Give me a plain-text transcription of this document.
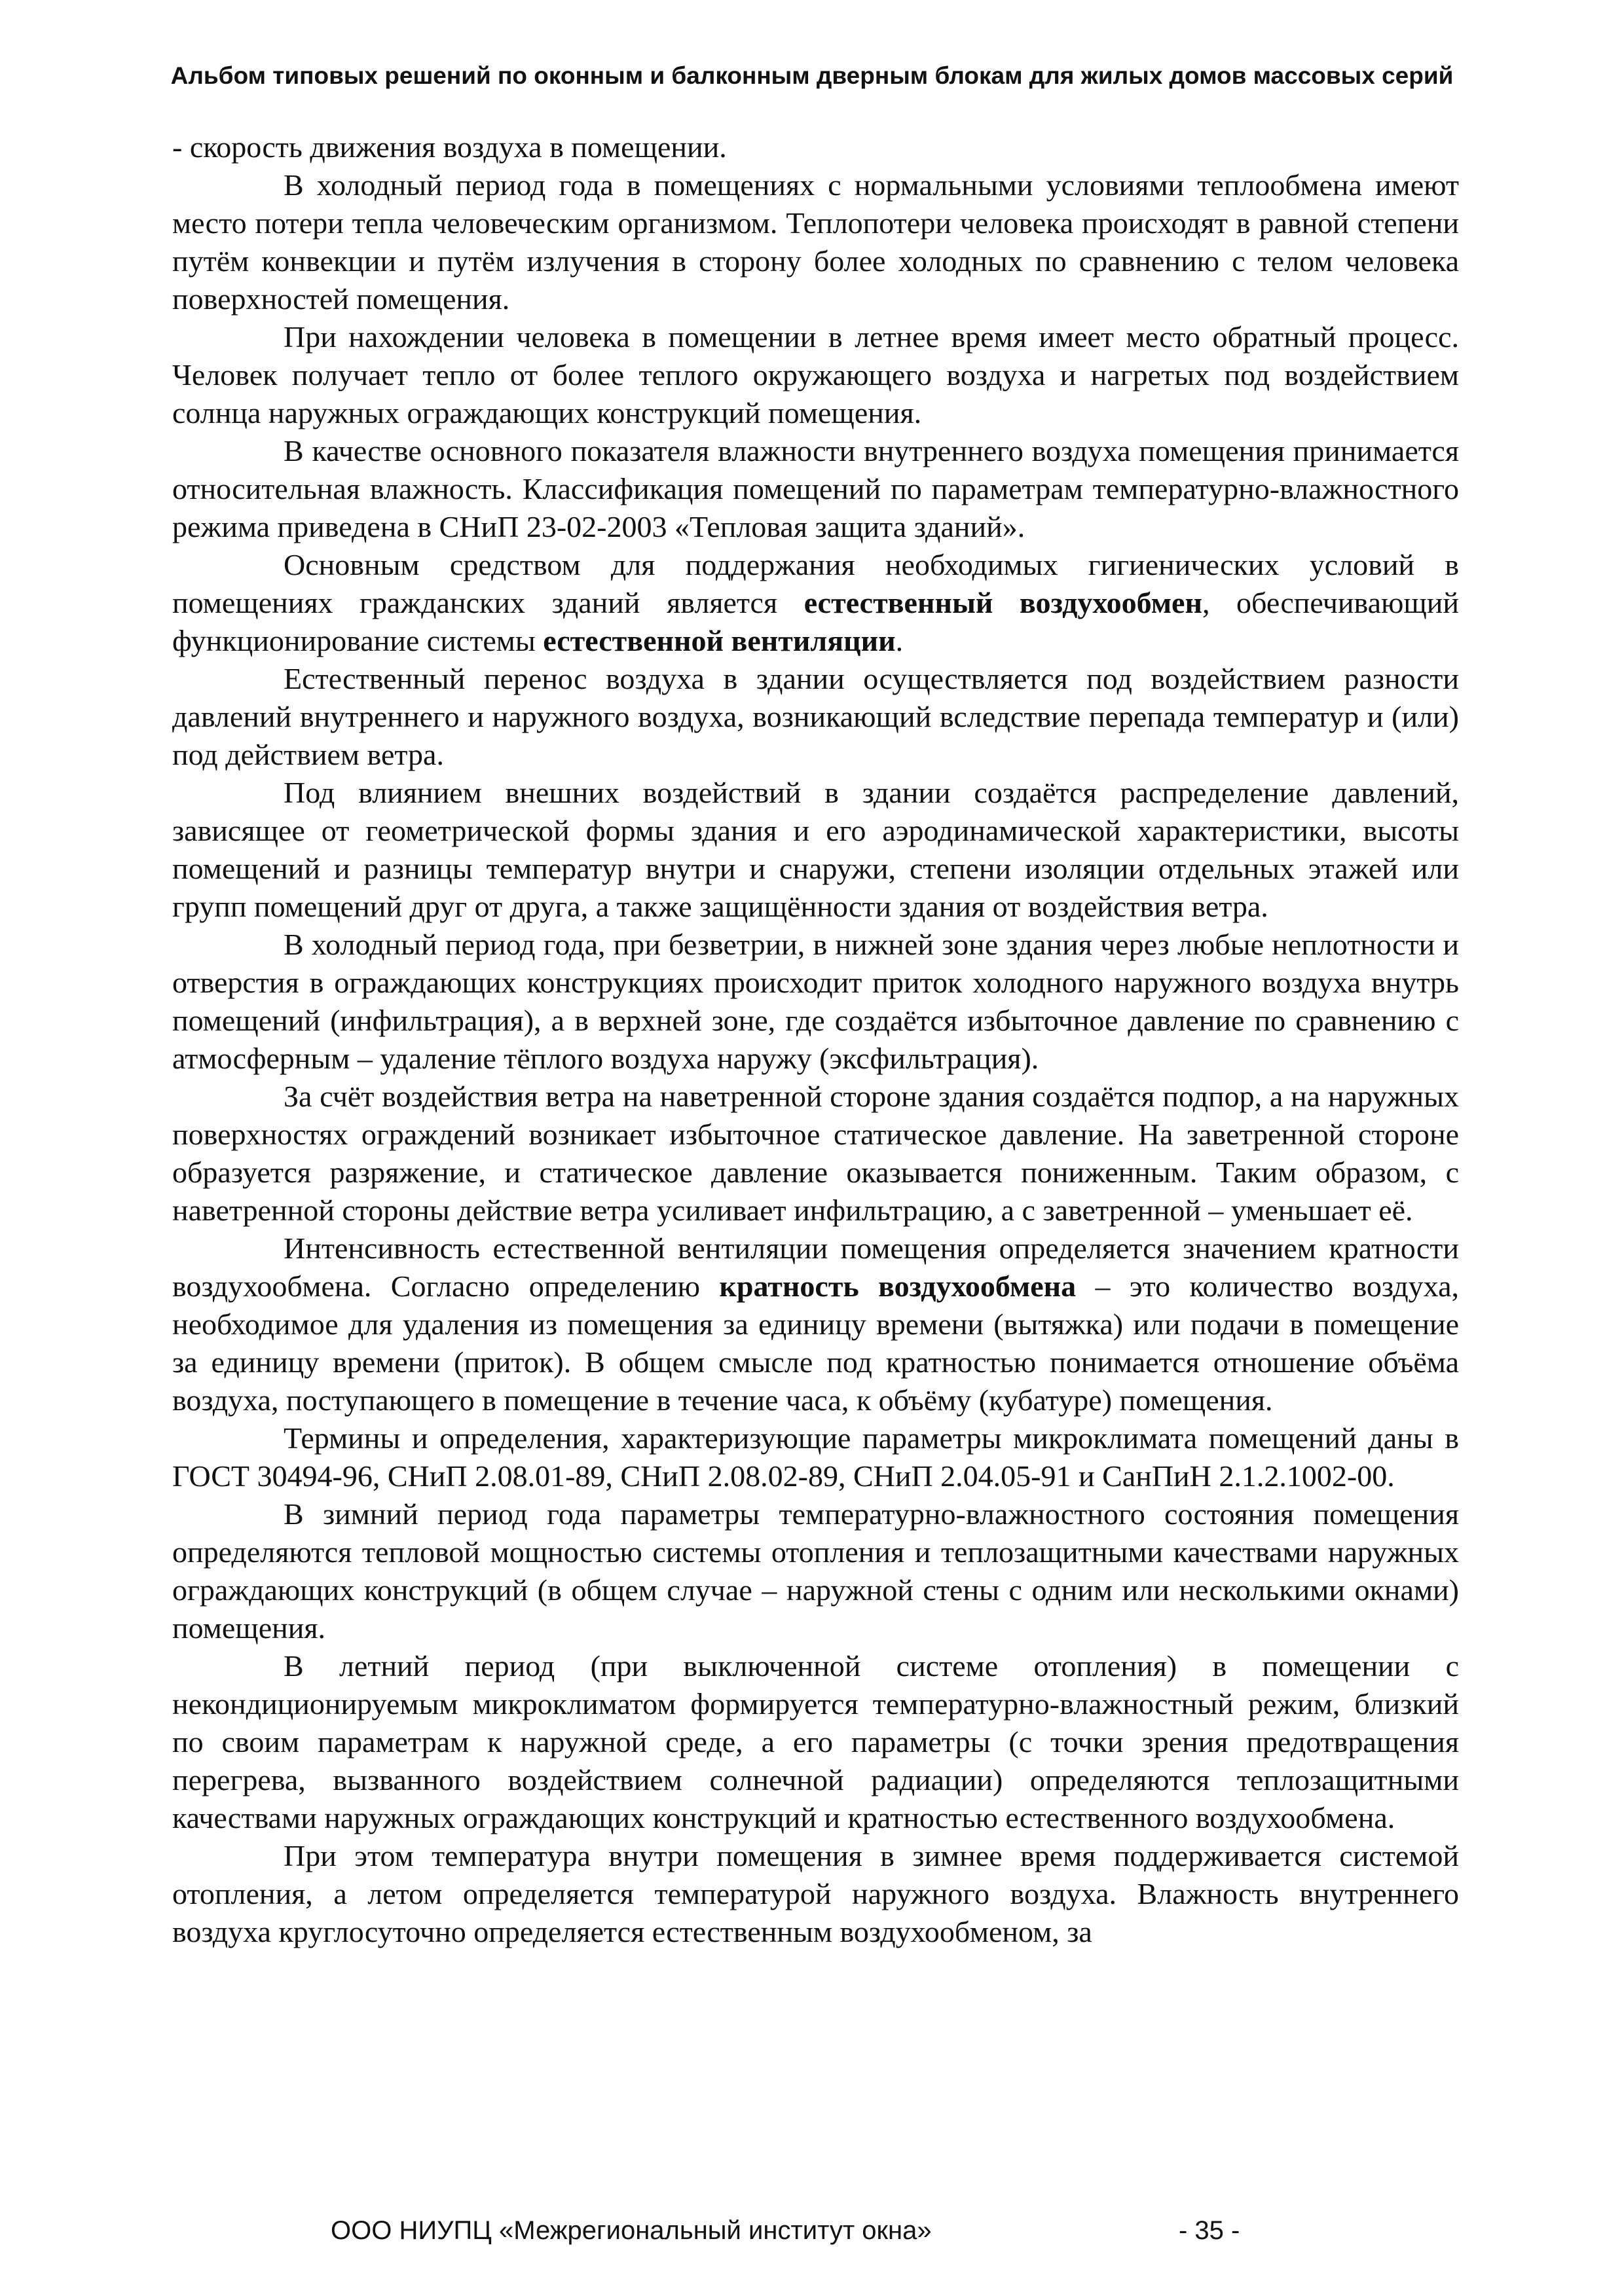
Альбом типовых решений по оконным и балконным дверным блокам для жилых домов массовых серий

- скорость движения воздуха в помещении.

В холодный период года в помещениях с нормальными условиями теплообмена имеют место потери тепла человеческим организмом. Теплопотери человека происходят в равной степени путём конвекции и путём излучения в сторону более холодных по сравнению с телом человека поверхностей помещения.

При нахождении человека в помещении в летнее время имеет место обратный процесс. Человек получает тепло от более теплого окружающего воздуха и нагретых под воздействием солнца наружных ограждающих конструкций помещения.

В качестве основного показателя влажности внутреннего воздуха помещения принимается относительная влажность. Классификация помещений по параметрам температурно-влажностного режима приведена в СНиП 23-02-2003 «Тепловая защита зданий».

Основным средством для поддержания необходимых гигиенических условий в помещениях гражданских зданий является естественный воздухообмен, обеспечивающий функционирование системы естественной вентиляции.

Естественный перенос воздуха в здании осуществляется под воздействием разности давлений внутреннего и наружного воздуха, возникающий вследствие перепада температур и (или) под действием ветра.

Под влиянием внешних воздействий в здании создаётся распределение давлений, зависящее от геометрической формы здания и его аэродинамической характеристики, высоты помещений и разницы температур внутри и снаружи, степени изоляции отдельных этажей или групп помещений друг от друга, а также защищённости здания от воздействия ветра.

В холодный период года, при безветрии, в нижней зоне здания через любые неплотности и отверстия в ограждающих конструкциях происходит приток холодного наружного воздуха внутрь помещений (инфильтрация), а в верхней зоне, где создаётся избыточное давление по сравнению с атмосферным – удаление тёплого воздуха наружу (эксфильтрация).

За счёт воздействия ветра на наветренной стороне здания создаётся подпор, а на наружных поверхностях ограждений возникает избыточное статическое давление. На заветренной стороне образуется разряжение, и статическое давление оказывается пониженным. Таким образом, с наветренной стороны действие ветра усиливает инфильтрацию, а с заветренной – уменьшает её.

Интенсивность естественной вентиляции помещения определяется значением кратности воздухообмена. Согласно определению кратность воздухообмена – это количество воздуха, необходимое для удаления из помещения за единицу времени (вытяжка) или подачи в помещение за единицу времени (приток). В общем смысле под кратностью понимается отношение объёма воздуха, поступающего в помещение в течение часа, к объёму (кубатуре) помещения.

Термины и определения, характеризующие параметры микроклимата помещений даны в ГОСТ 30494-96, СНиП 2.08.01-89, СНиП 2.08.02-89, СНиП 2.04.05-91 и СанПиН 2.1.2.1002-00.

В зимний период года параметры температурно-влажностного состояния помещения определяются тепловой мощностью системы отопления и теплозащитными качествами наружных ограждающих конструкций (в общем случае – наружной стены с одним или несколькими окнами) помещения.

В летний период (при выключенной системе отопления) в помещении с некондиционируемым микроклиматом формируется температурно-влажностный режим, близкий по своим параметрам к наружной среде, а его параметры (с точки зрения предотвращения перегрева, вызванного воздействием солнечной радиации) определяются теплозащитными качествами наружных ограждающих конструкций и кратностью естественного воздухообмена.

При этом температура внутри помещения в зимнее время поддерживается системой отопления, а летом определяется температурой наружного воздуха. Влажность внутреннего воздуха круглосуточно определяется естественным воздухообменом, за

ООО НИУПЦ «Межрегиональный институт окна»	- 35 -
